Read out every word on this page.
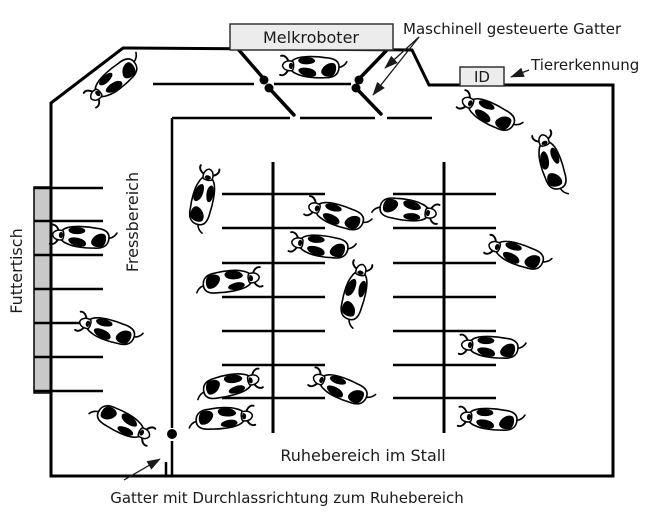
Melkroboter
ID
Maschinell gesteuerte Gatter
Tiererkennung
Futtertisch	Fressbereich
Ruhebereich im Stall
Gatter mit Durchlassrichtung zum Ruhebereich
